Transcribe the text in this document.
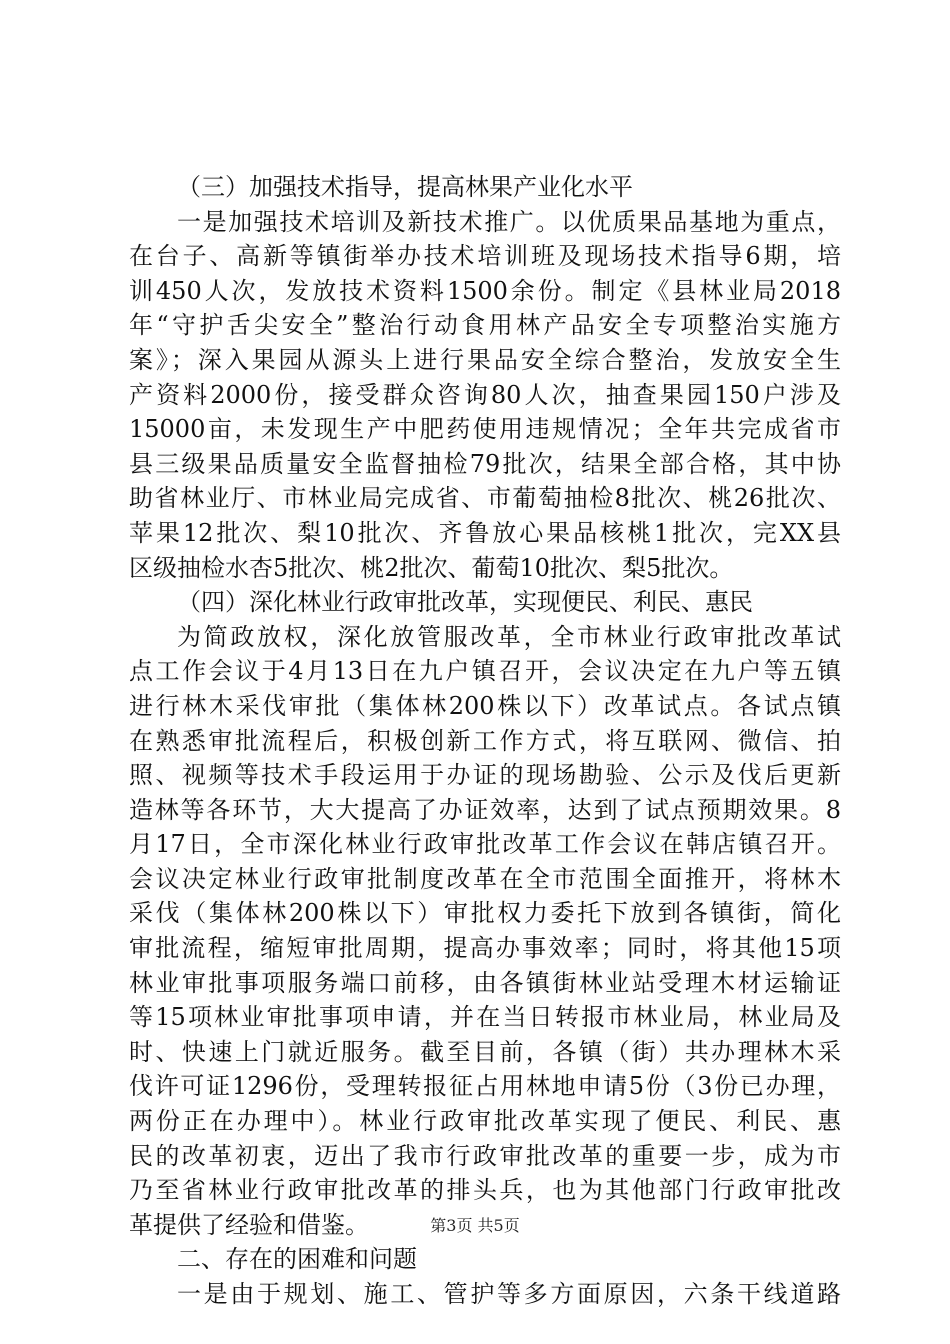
（三）加强技术指导，提高林果产业化水平
一是加强技术培训及新技术推广。以优质果品基地为重点，
在台子、高新等镇街举办技术培训班及现场技术指导6期，培
训450人次，发放技术资料1500余份。制定《县林业局2018
年“守护舌尖安全”整治行动食用林产品安全专项整治实施方
案》；深入果园从源头上进行果品安全综合整治，发放安全生
产资料2000份，接受群众咨询80人次，抽查果园150户涉及
15000亩，未发现生产中肥药使用违规情况；全年共完成省市
县三级果品质量安全监督抽检79批次，结果全部合格，其中协
助省林业厅、市林业局完成省、市葡萄抽检8批次、桃26批次、
苹果12批次、梨10批次、齐鲁放心果品核桃1批次，完XX县
区级抽检水杏5批次、桃2批次、葡萄10批次、梨5批次。
（四）深化林业行政审批改革，实现便民、利民、惠民
为简政放权，深化放管服改革，全市林业行政审批改革试
点工作会议于4月13日在九户镇召开，会议决定在九户等五镇
进行林木采伐审批（集体林200株以下）改革试点。各试点镇
在熟悉审批流程后，积极创新工作方式，将互联网、微信、拍
照、视频等技术手段运用于办证的现场勘验、公示及伐后更新
造林等各环节，大大提高了办证效率，达到了试点预期效果。8
月17日，全市深化林业行政审批改革工作会议在韩店镇召开。
会议决定林业行政审批制度改革在全市范围全面推开，将林木
采伐（集体林200株以下）审批权力委托下放到各镇街，简化
审批流程，缩短审批周期，提高办事效率；同时，将其他15项
林业审批事项服务端口前移，由各镇街林业站受理木材运输证
等15项林业审批事项申请，并在当日转报市林业局，林业局及
时、快速上门就近服务。截至目前，各镇（街）共办理林木采
伐许可证1296份，受理转报征占用林地申请5份（3份已办理，
两份正在办理中）。林业行政审批改革实现了便民、利民、惠
民的改革初衷，迈出了我市行政审批改革的重要一步，成为市
乃至省林业行政审批改革的排头兵，也为其他部门行政审批改
革提供了经验和借鉴。
二、存在的困难和问题
一是由于规划、施工、管护等多方面原因，六条干线道路
第3页 共5页
